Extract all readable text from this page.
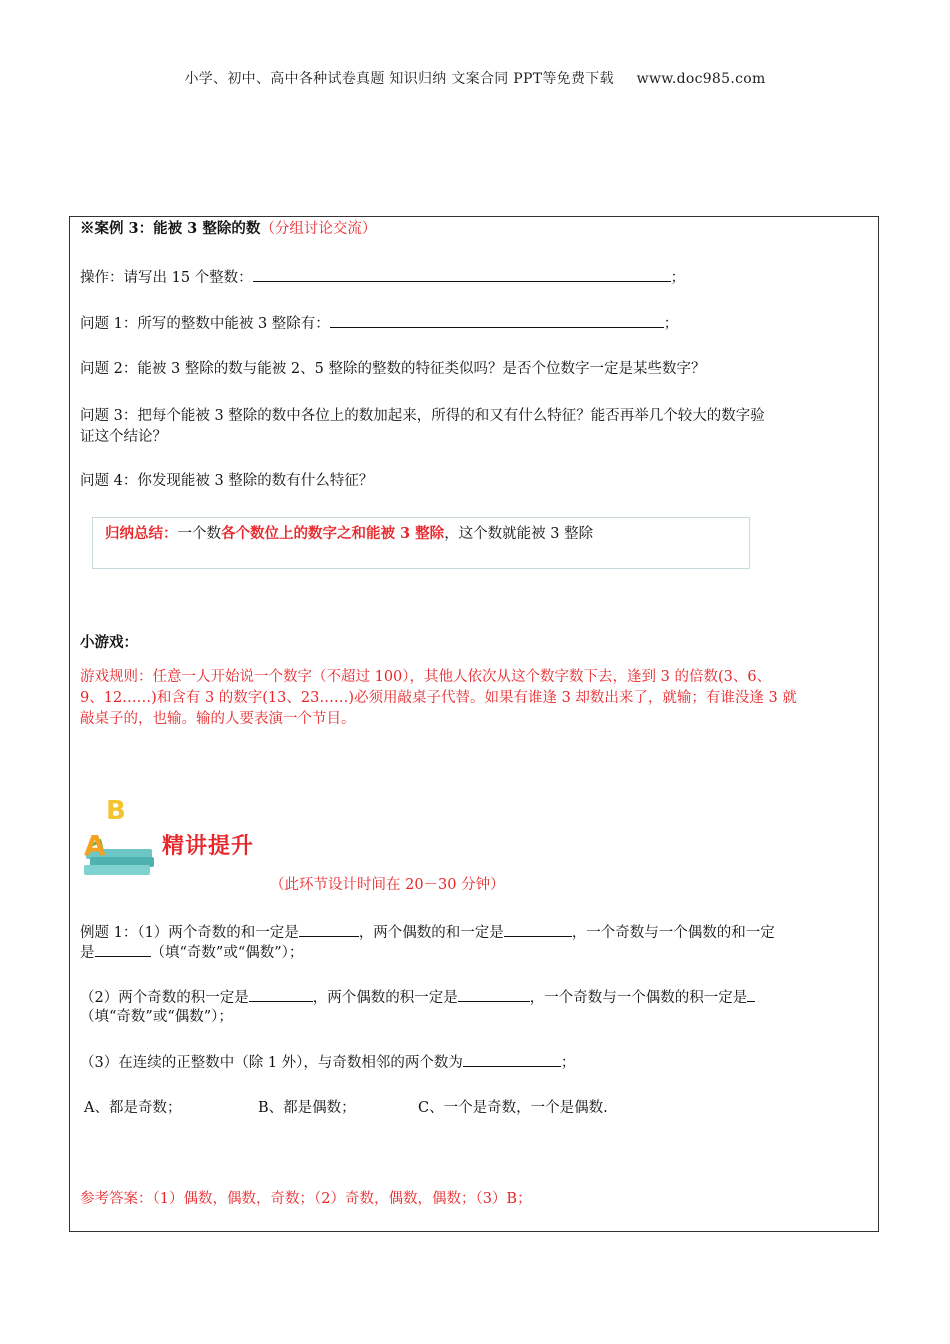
小学、初中、高中各种试卷真题 知识归纳 文案合同 PPT等免费下载 www.doc985.com
※案例 3：能被 3 整除的数（分组讨论交流）
操作：请写出 15 个整数：	；
问题 1：所写的整数中能被 3 整除有：	；
问题 2：能被 3 整除的数与能被 2、5 整除的整数的特征类似吗？是否个位数字一定是某些数字？
问题 3：把每个能被 3 整除的数中各位上的数加起来，所得的和又有什么特征？能否再举几个较大的数字验
证这个结论？
问题 4：你发现能被 3 整除的数有什么特征？
归纳总结：一个数各个数位上的数字之和能被 3 整除，这个数就能被 3 整除
小游戏：
游戏规则：任意一人开始说一个数字（不超过 100），其他人依次从这个数字数下去，逢到 3 的倍数(3、6、
9、12……)和含有 3 的数字(13、23……)必须用敲桌子代替。如果有谁逢 3 却数出来了，就输；有谁没逢 3 就
敲桌子的，也输。输的人要表演一个节目。
B
A	精讲提升
（此环节设计时间在 20－30 分钟）
例题 1：（1）两个奇数的和一定是	，两个偶数的和一定是	，一个奇数与一个偶数的和一定
是	（填“奇数”或“偶数”）；
（2）两个奇数的积一定是	，两个偶数的积一定是	，一个奇数与一个偶数的积一定是
（填“奇数”或“偶数”）；
（3）在连续的正整数中（除 1 外），与奇数相邻的两个数为	；
A、都是奇数；	B、都是偶数；	C、一个是奇数，一个是偶数.
参考答案：（1）偶数，偶数，奇数；（2）奇数，偶数，偶数；（3）B；
